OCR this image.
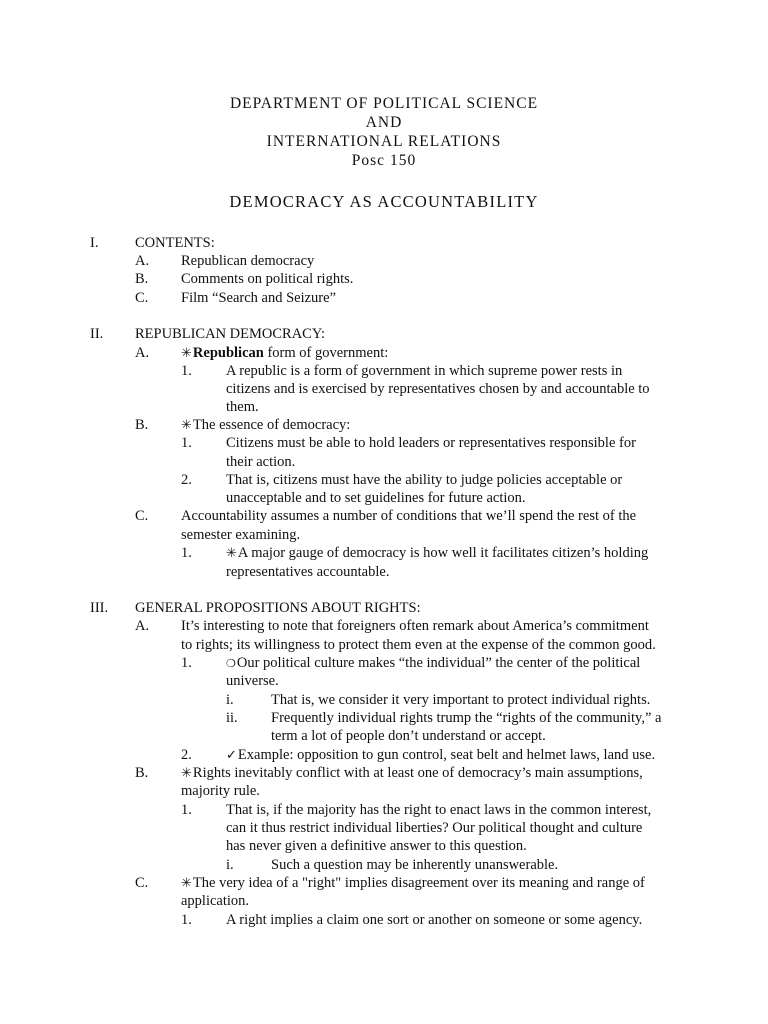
DEPARTMENT OF POLITICAL SCIENCE
AND
INTERNATIONAL RELATIONS
Posc 150
DEMOCRACY AS ACCOUNTABILITY
I.	CONTENTS:
A. Republican democracy
B. Comments on political rights.
C. Film “Search and Seizure”
II. REPUBLICAN DEMOCRACY:
A. ✳Republican form of government:
1. A republic is a form of government in which supreme power rests in
citizens and is exercised by representatives chosen by and accountable to
them.
B.	✳The essence of democracy:
1. Citizens must be able to hold leaders or representatives responsible for
their action.
2. That is, citizens must have the ability to judge policies acceptable or
unacceptable and to set guidelines for future action.
C. Accountability assumes a number of conditions that we’ll spend the rest of the
semester examining.
1.	✳A major gauge of democracy is how well it facilitates citizen’s holding
representatives accountable.
III. GENERAL PROPOSITIONS ABOUT RIGHTS:
A. It’s interesting to note that foreigners often remark about America’s commitment
to rights; its willingness to protect them even at the expense of the common good.
1.	❍Our political culture makes “the individual” the center of the political
universe.
i.	That is, we consider it very important to protect individual rights.
ii. Frequently individual rights trump the “rights of the community,” a
term a lot of people don’t understand or accept.
2.	✓Example: opposition to gun control, seat belt and helmet laws, land use.
B.	✳Rights inevitably conflict with at least one of democracy’s main assumptions,
majority rule.
1. That is, if the majority has the right to enact laws in the common interest,
can it thus restrict individual liberties? Our political thought and culture
has never given a definitive answer to this question.
i.	Such a question may be inherently unanswerable.
C.	✳The very idea of a "right" implies disagreement over its meaning and range of
application.
1. A right implies a claim one sort or another on someone or some agency.
